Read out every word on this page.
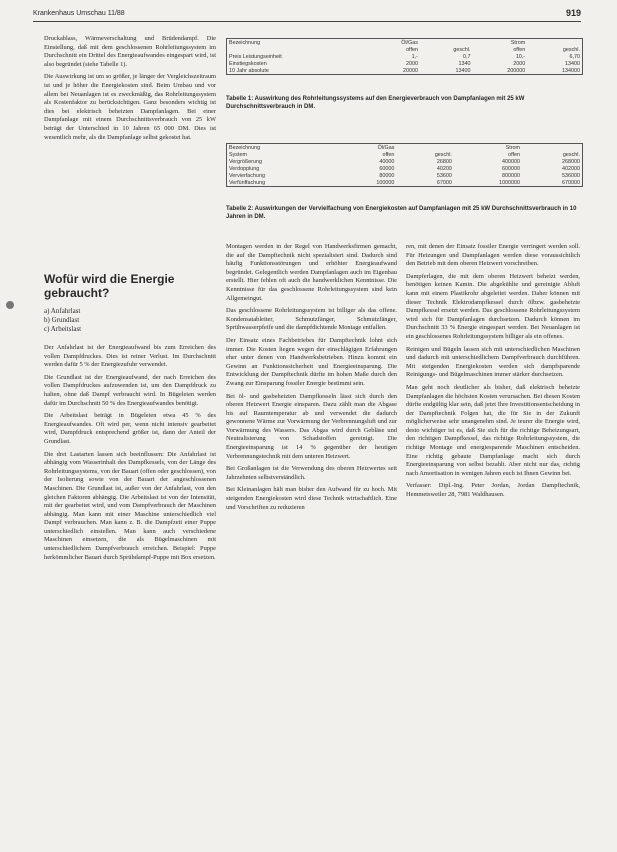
Krankenhaus Umschau 11/88	919

Druckablass, Wärmeverschaltung und Brüdendampf. Die Einstellung, daß mit dem geschlossenen Rohrleitungssystem im Durchschnitt ein Drittel des Energieaufwandes eingespart wird, ist also begründet (siehe Tabelle 1).

Die Auswirkung ist um so größer, je länger der Vergleichszeitraum ist und je höher die Energiekosten sind. Beim Umbau und vor allem bei Neuanlagen ist es zweckmäßig, das Rohrleitungssystem als Kostenfaktor zu berücksichtigen. Ganz besonders wichtig ist dies bei elektrisch beheizten Dampfanlagen. Bei einer Dampfanlage mit einem Durchschnittsverbrauch von 25 kW beträgt der Unterschied in 10 Jahren 65 000 DM. Dies ist wesentlich mehr, als die Dampfanlage selbst gekostet hat.

Wofür wird die Energie gebraucht?
a) Anfahrlast
b) Grundlast
c) Arbeitslast

Der Anfahrlast ist der Energieaufwand bis zum Erreichen des vollen Dampfdruckes. Dies ist reiner Verlust. Im Durchschnitt werden dafür 5 % der Energiezufuhr verwendet.

Die Grundlast ist der Energieaufwand, der nach Erreichen des vollen Dampfdruckes aufzuwenden ist, um den Dampfdruck zu halten, ohne daß Dampf verbraucht wird. In Bügeleien werden dafür im Durchschnitt 50 % des Energieaufwandes benötigt.

Die Arbeitslast beträgt in Bügeleien etwa 45 % des Energieaufwandes. Oft wird per, wenn nicht intensiv gearbeitet wird, Dampfdruck entsprechend größer ist, dann der Anteil der Grundlast.

Die drei Lastarten lassen sich beeinflussen: Die Anfahrlast ist abhängig vom Wasserinhalt des Dampfkessels, von der Länge des Rohrleitungssystems, von der Bauart (offen oder geschlossen), von der Isolierung sowie von der Bauart der angeschlossenen Maschinen. Die Grundlast ist, außer von der Anfahrlast, von den gleichen Faktoren abhängig. Die Arbeitslast ist von der Intensität, mit der gearbeitet wird, und vom Dampfverbrauch der Maschinen abhängig. Man kann mit einer Maschine unterschiedlich viel Dampf verbrauchen. Man kann z. B. die Dampfzeit einer Puppe unterschiedlich einstellen. Man kann auch verschiedene Maschinen einsetzen, die als Bügelmaschinen mit unterschiedlichem Dampfverbrauch erreichen. Beispiel: Puppe herkömmlicher Bauart durch Sprühdampf-Puppe mit Box ersetzen.

Bezeichnung	Öl/Gas		Strom	
	offen	geschl.	offen	geschl.
Preis Leistungseinheit	1,-	0,7	10,-	6,70
Einstiegskosten	2000	1340	2000	13400
10 Jahr absolute	20000	13400	200000	134000
Tabelle 1: Auswirkung des Rohrleitungssystems auf den Energieverbrauch von Dampfanlagen mit 25 kW Durchschnittsverbrauch in DM.
Bezeichnung	Öl/Gas		Strom	
System	offen	geschl.	offen	geschl.
Vergrößerung	40000	26800	400000	268000
Verdopplung	60000	40200	600000	402000
Vervierfachung	80000	53600	800000	536000
Verfünffachung	100000	67000	1000000	670000
Tabelle 2: Auswirkungen der Vervielfachung von Energiekosten auf Dampfanlagen mit 25 kW Durchschnittsverbrauch in 10 Jahren in DM.

Montagen werden in der Regel von Handwerksfirmen gemacht, die auf die Dampftechnik nicht spezialisiert sind. Dadurch sind häufig Funktionsstörungen und erhöhter Energieaufwand begründet. Gelegentlich werden Dampfanlagen auch im Eigenbau erstellt. Hier fehlen oft auch die handwerklichen Kenntnisse. Die Kenntnisse für das geschlossene Rohrleitungssystem sind kein Allgemeingut.

Das geschlossene Rohrleitungssystem ist billiger als das offene. Kondensatableiter, Schmutzfänger, Schmutzfänger, Sprühwasserpfeife und die dampfdichtende Montage entfallen.

Der Einsatz eines Fachbetriebes für Dampftechnik lohnt sich immer. Die Kosten liegen wegen der einschlägigen Erfahrungen eher unter denen von Handwerksbetrieben. Hinzu kommt ein Gewinn an Funktionssicherheit und Energieeinsparung. Die Entwicklung der Dampftechnik dürfte im hohen Maße durch den Zwang zur Einsparung fossiler Energie bestimmt sein.

Bei öl- und gasbeheizten Dampfkesseln lässt sich durch den oberen Heizwert Energie einsparen. Dazu zählt man die Abgase bis auf Raumtemperatur ab und verwendet die dadurch gewonnene Wärme zur Vorwärmung der Verbrennungsluft und zur Vorwärmung des Wassers. Das Abgas wird durch Gebläse und Neutralisierung von Schadstoffen gereinigt. Die Energieeinsparung ist 14 % gegenüber der heutigen Verbrennungstechnik mit dem unteren Heizwert.

Bei Großanlagen ist die Verwendung des oberen Heizwertes seit Jahrzehnten selbstverständlich.

Bei Kleinanlagen hält man bisher den Aufwand für zu hoch. Mit steigenden Energiekosten wird diese Technik wirtschaftlich. Eine und Vorschriften zu reduzieren

ren, mit denen der Einsatz fossiler Energie verringert werden soll. Für Heizungen und Dampfanlagen werden diese voraussichtlich den Betrieb mit dem oberen Heizwert vorschreiben.

Dampferlagen, die mit dem oberen Heizwert beheizt werden, benötigen keinen Kamin. Die abgekühlte und gereinigte Abluft kann mit einem Plastikrohr abgeleitet werden. Daher können mit dieser Technik Elektrodampfkessel durch ölbzw. gasbeheizte Dampfkessel ersetzt werden. Das geschlossene Rohrleitungssystem wird sich für Dampfanlagen durchsetzen. Dadurch können im Durchschnitt 33 % Energie eingespart werden. Bei Neuanlagen ist ein geschlossenes Rohrleitungssystem billiger als ein offenes.

Reinigen und Bügeln lassen sich mit unterschiedlichen Maschinen und dadurch mit unterschiedlichem Dampfverbrauch durchführen. Mit steigenden Energiekosten werden sich dampfsparende Reinigungs- und Bügelmaschinen immer stärker durchsetzen.

Man geht noch deutlicher als bisher, daß elektrisch beheizte Dampfanlagen die höchsten Kosten verursachen. Bei diesen Kosten dürfte endgültig klar sein, daß jetzt Ihre Investitionsentscheidung in der Dampftechnik Folgen hat, die für Sie in der Zukunft möglicherweise sehr unangenehm sind. Je teurer die Energie wird, desto wichtiger ist es, daß Sie sich für die richtige Beheizungsart, den richtigen Dampfkessel, das richtige Rohrleitungssystem, die richtige Montage und energiesparende Maschinen entscheiden. Eine richtig gebaute Dampfanlage macht sich durch Energieeinsparung von selbst bezahlt. Aber nicht nur das, richtig nach Amortisation in wenigen Jahren euch ist Ihnen Gewinn bei.

Verfasser: Dipl.-Ing. Peter Jordan, Jordan Dampftechnik, Hemmetsweiler 28, 7981 Waldhausen.
